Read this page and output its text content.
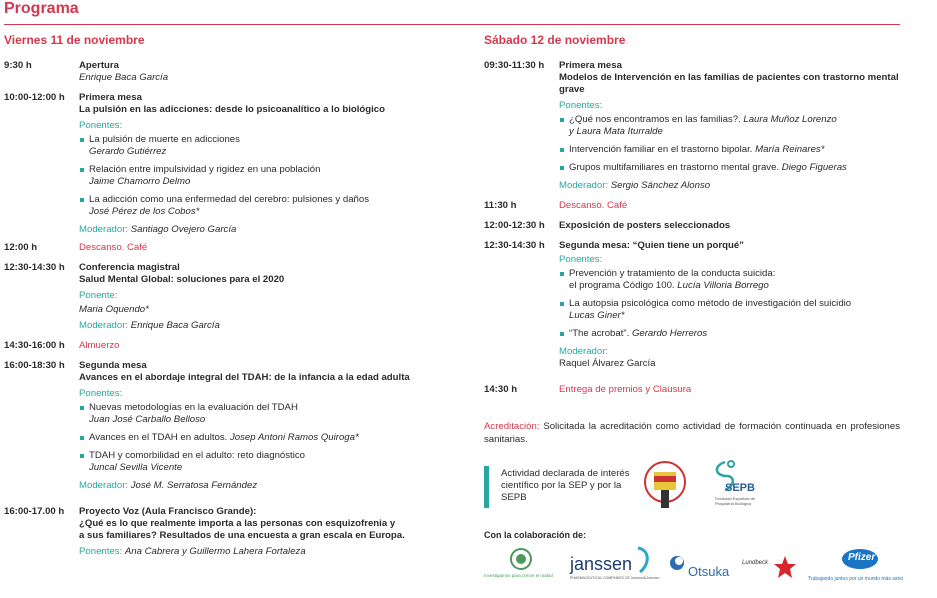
Programa
Viernes 11 de noviembre
9:30 h	Apertura
Enrique Baca García
10:00-12:00 h	Primera mesa
La pulsión en las adicciones: desde lo psicoanalítico a lo biológico
Ponentes:
La pulsión de muerte en adicciones
Gerardo Gutiérrez
Relación entre impulsividad y rigidez en una población
Jaime Chamorro Delmo
La adicción como una enfermedad del cerebro: pulsiones y daños
José Pérez de los Cobos*
Moderador: Santiago Ovejero García
12:00 h	Descanso. Café
12:30-14:30 h	Conferencia magistral
Salud Mental Global: soluciones para el 2020
Ponente:
Maria Oquendo*
Moderador: Enrique Baca García
14:30-16:00 h	Almuerzo
16:00-18:30 h	Segunda mesa
Avances en el abordaje integral del TDAH: de la infancia a la edad adulta
Ponentes:
Nuevas metodologías en la evaluación del TDAH
Juan José Carballo Belloso
Avances en el TDAH en adultos. Josep Antoni Ramos Quiroga*
TDAH y comorbilidad en el adulto: reto diagnóstico
Juncal Sevilla Vicente
Moderador: José M. Serratosa Fernández
16:00-17.00 h	Proyecto Voz (Aula Francisco Grande):
¿Qué es lo que realmente importa a las personas con esquizofrenia y
a sus familiares? Resultados de una encuesta a gran escala en Europa.
Ponentes: Ana Cabrera y Guillermo Lahera Fortaleza
Sábado 12 de noviembre
09:30-11:30 h	Primera mesa
Modelos de Intervención en las familias de pacientes con trastorno mental grave
Ponentes:
¿Qué nos encontramos en las familias?. Laura Muñoz Lorenzo
y Laura Mata Iturralde
Intervención familiar en el trastorno bipolar. María Reinares*
Grupos multifamiliares en trastorno mental grave. Diego Figueras
Moderador: Sergio Sánchez Alonso
11:30 h	Descanso. Café
12:00-12:30 h	Exposición de posters seleccionados
12:30-14:30 h	Segunda mesa: “Quien tiene un porqué”
Ponentes:
Prevención y tratamiento de la conducta suicida:
el programa Código 100. Lucía Villoria Borrego
La autopsia psicológica como método de investigación del suicidio
Lucas Giner*
“The acrobat”. Gerardo Herreros
Moderador:
Raquel Álvarez García
14:30 h	Entrega de premios y Clausura
Acreditación: Solicitada la acreditación como actividad de formación continuada en profesiones sanitarias.
Actividad declarada de interés científico por la SEP y por la SEPB
SEPB
Sociedad Española de Psiquiatría Biológica
Con la colaboración de:
Investigamos para crecer en salud
janssen
PHARMACEUTICAL COMPANIES OF Johnson&Johnson Otsuka
Lundbeck	Pfizer
Trabajando juntos por un mundo más sano
